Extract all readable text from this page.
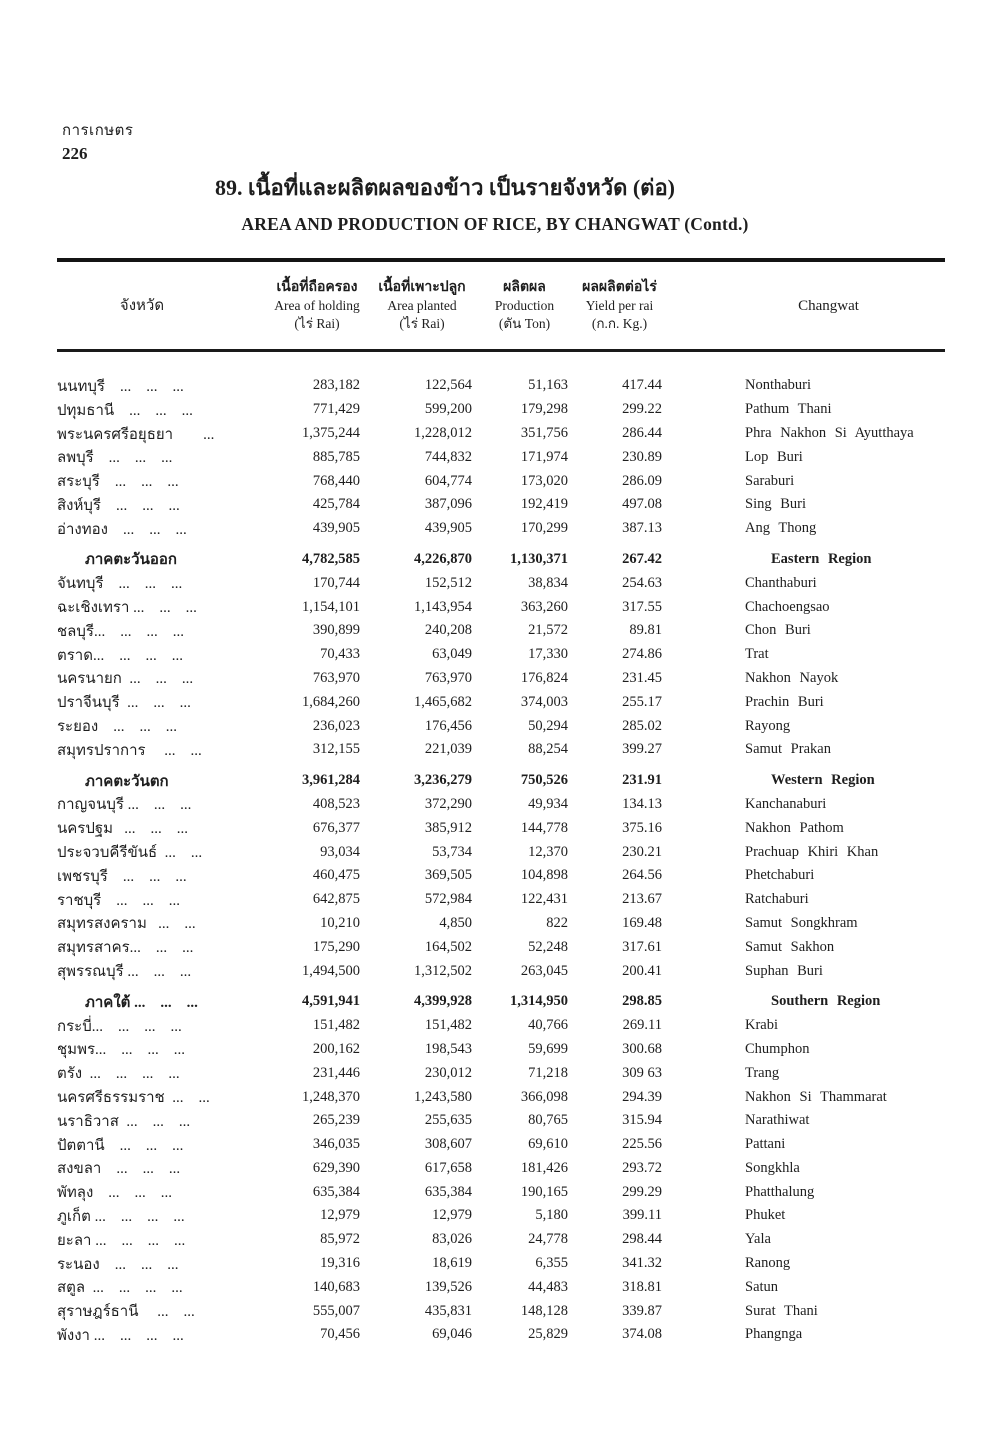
การเกษตร
226
89. เนื้อที่และผลิตผลของข้าว เป็นรายจังหวัด (ต่อ)
AREA AND PRODUCTION OF RICE, BY CHANGWAT (Contd.)
จังหวัด
เนื้อที่ถือครอง
Area of holding
(ไร่ Rai)
เนื้อที่เพาะปลูก
Area planted
(ไร่ Rai)
ผลิตผล
Production
(ตัน Ton)
ผลผลิตต่อไร่
Yield per rai
(ก.ก. Kg.)
Changwat
นนทบุรี    ...    ...    ...	283,182	122,564	51,163	417.44	Nonthaburi
ปทุมธานี    ...    ...    ...	771,429	599,200	179,298	299.22	Pathum Thani
พระนครศรีอยุธยา        ...	1,375,244	1,228,012	351,756	286.44	Phra Nakhon Si Ayutthaya
ลพบุรี    ...    ...    ...	885,785	744,832	171,974	230.89	Lop Buri
สระบุรี    ...    ...    ...	768,440	604,774	173,020	286.09	Saraburi
สิงห์บุรี    ...    ...    ...	425,784	387,096	192,419	497.08	Sing Buri
อ่างทอง    ...    ...    ...	439,905	439,905	170,299	387.13	Ang Thong
ภาคตะวันออก	4,782,585	4,226,870	1,130,371	267.42	Eastern Region
จันทบุรี    ...    ...    ...	170,744	152,512	38,834	254.63	Chanthaburi
ฉะเชิงเทรา ...    ...    ...	1,154,101	1,143,954	363,260	317.55	Chachoengsao
ชลบุรี...    ...    ...    ...	390,899	240,208	21,572	89.81	Chon Buri
ตราด...    ...    ...    ...	70,433	63,049	17,330	274.86	Trat
นครนายก  ...    ...    ...	763,970	763,970	176,824	231.45	Nakhon Nayok
ปราจีนบุรี  ...    ...    ...	1,684,260	1,465,682	374,003	255.17	Prachin Buri
ระยอง    ...    ...    ...	236,023	176,456	50,294	285.02	Rayong
สมุทรปราการ     ...    ...	312,155	221,039	88,254	399.27	Samut Prakan
ภาคตะวันตก	3,961,284	3,236,279	750,526	231.91	Western Region
กาญจนบุรี ...    ...    ...	408,523	372,290	49,934	134.13	Kanchanaburi
นครปฐม   ...    ...    ...	676,377	385,912	144,778	375.16	Nakhon Pathom
ประจวบคีรีขันธ์  ...    ...	93,034	53,734	12,370	230.21	Prachuap Khiri Khan
เพชรบุรี    ...    ...    ...	460,475	369,505	104,898	264.56	Phetchaburi
ราชบุรี    ...    ...    ...	642,875	572,984	122,431	213.67	Ratchaburi
สมุทรสงคราม   ...    ...	10,210	4,850	822	169.48	Samut Songkhram
สมุทรสาคร...    ...    ...	175,290	164,502	52,248	317.61	Samut Sakhon
สุพรรณบุรี ...    ...    ...	1,494,500	1,312,502	263,045	200.41	Suphan Buri
ภาคใต้ ...    ...    ...	4,591,941	4,399,928	1,314,950	298.85	Southern Region
กระบี่...    ...    ...    ...	151,482	151,482	40,766	269.11	Krabi
ชุมพร...    ...    ...    ...	200,162	198,543	59,699	300.68	Chumphon
ตรัง  ...    ...    ...    ...	231,446	230,012	71,218	309 63	Trang
นครศรีธรรมราช  ...    ...	1,248,370	1,243,580	366,098	294.39	Nakhon Si Thammarat
นราธิวาส  ...    ...    ...	265,239	255,635	80,765	315.94	Narathiwat
ปัตตานี    ...    ...    ...	346,035	308,607	69,610	225.56	Pattani
สงขลา    ...    ...    ...	629,390	617,658	181,426	293.72	Songkhla
พัทลุง    ...    ...    ...	635,384	635,384	190,165	299.29	Phatthalung
ภูเก็ต ...    ...    ...    ...	12,979	12,979	5,180	399.11	Phuket
ยะลา ...    ...    ...    ...	85,972	83,026	24,778	298.44	Yala
ระนอง    ...    ...    ...	19,316	18,619	6,355	341.32	Ranong
สตูล  ...    ...    ...    ...	140,683	139,526	44,483	318.81	Satun
สุราษฎร์ธานี     ...    ...	555,007	435,831	148,128	339.87	Surat Thani
พังงา ...    ...    ...    ...	70,456	69,046	25,829	374.08	Phangnga
